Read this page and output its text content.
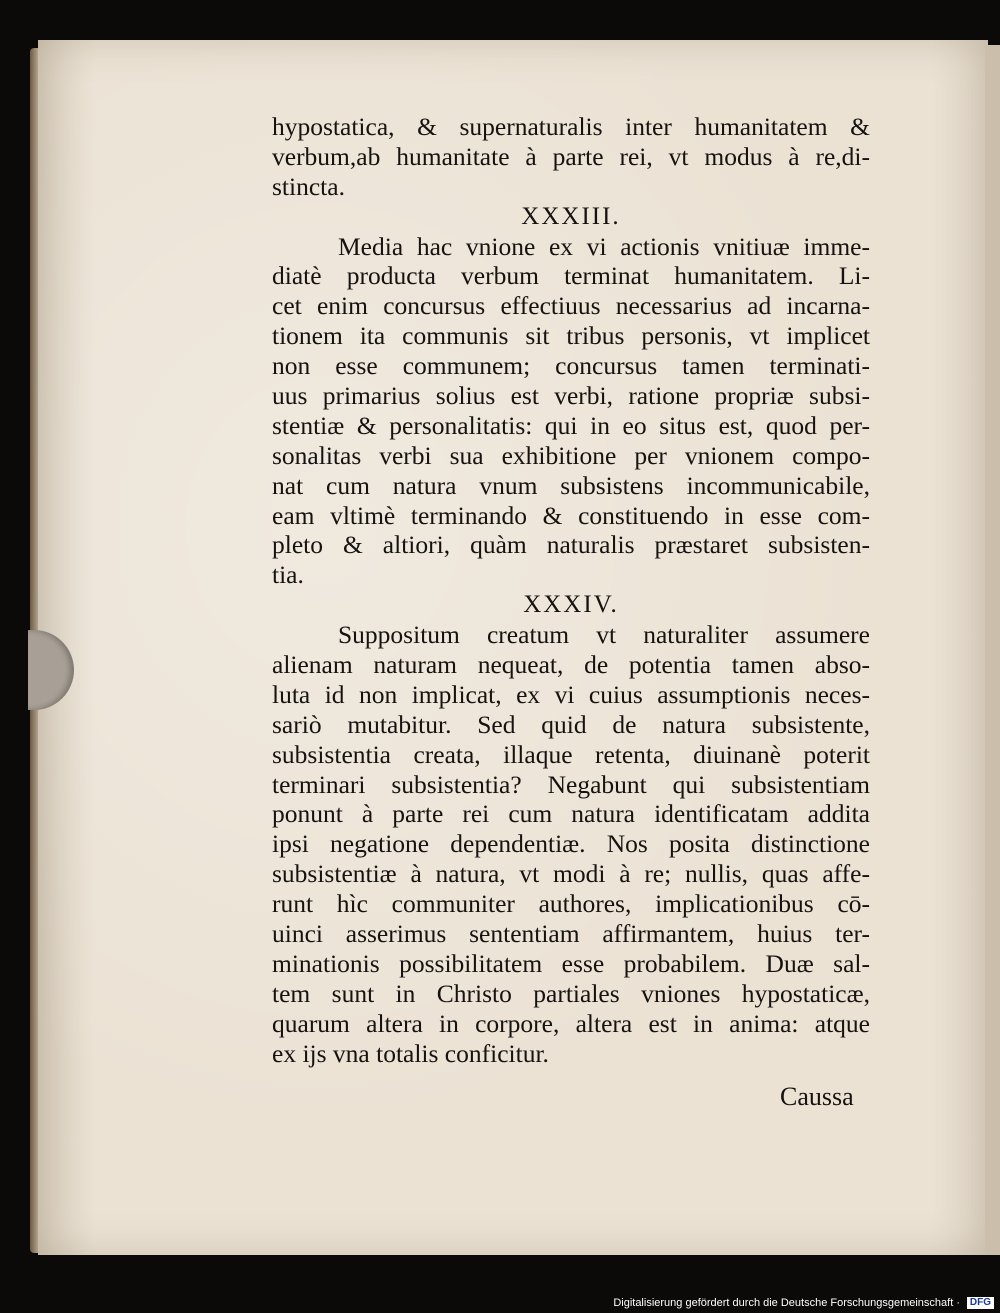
hypostatica, & supernaturalis inter humanitatem &
verbum,ab humanitate à parte rei, vt modus à re,di-
stincta.
XXXIII.
Media hac vnione ex vi actionis vnitiuæ imme-
diatè producta verbum terminat humanitatem. Li-
cet enim concursus effectiuus necessarius ad incarna-
tionem ita communis sit tribus personis, vt implicet
non esse communem; concursus tamen terminati-
uus primarius solius est verbi, ratione propriæ subsi-
stentiæ & personalitatis: qui in eo situs est, quod per-
sonalitas verbi sua exhibitione per vnionem compo-
nat cum natura vnum subsistens incommunicabile,
eam vltimè terminando & constituendo in esse com-
pleto & altiori, quàm naturalis præstaret subsisten-
tia.
XXXIV.
Suppositum creatum vt naturaliter assumere
alienam naturam nequeat, de potentia tamen abso-
luta id non implicat, ex vi cuius assumptionis neces-
sariò mutabitur. Sed quid de natura subsistente,
subsistentia creata, illaque retenta, diuinanè poterit
terminari subsistentia? Negabunt qui subsistentiam
ponunt à parte rei cum natura identificatam addita
ipsi negatione dependentiæ. Nos posita distinctione
subsistentiæ à natura, vt modi à re; nullis, quas affe-
runt hìc communiter authores, implicationibus cō-
uinci asserimus sententiam affirmantem, huius ter-
minationis possibilitatem esse probabilem. Duæ sal-
tem sunt in Christo partiales vniones hypostaticæ,
quarum altera in corpore, altera est in anima: atque
ex ijs vna totalis conficitur.
Caussa
Digitalisierung gefördert durch die Deutsche Forschungsgemeinschaft · DFG
